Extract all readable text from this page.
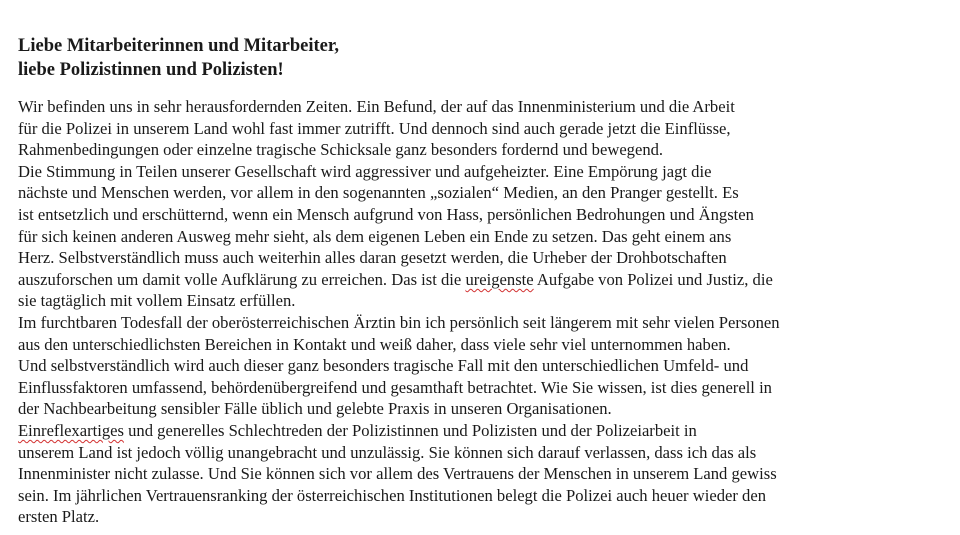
Liebe Mitarbeiterinnen und Mitarbeiter,
liebe Polizistinnen und Polizisten!
Wir befinden uns in sehr herausfordernden Zeiten. Ein Befund, der auf das Innenministerium und die Arbeit
für die Polizei in unserem Land wohl fast immer zutrifft. Und dennoch sind auch gerade jetzt die Einflüsse,
Rahmenbedingungen oder einzelne tragische Schicksale ganz besonders fordernd und bewegend.
Die Stimmung in Teilen unserer Gesellschaft wird aggressiver und aufgeheizter. Eine Empörung jagt die
nächste und Menschen werden, vor allem in den sogenannten „sozialen“ Medien, an den Pranger gestellt. Es
ist entsetzlich und erschütternd, wenn ein Mensch aufgrund von Hass, persönlichen Bedrohungen und Ängsten
für sich keinen anderen Ausweg mehr sieht, als dem eigenen Leben ein Ende zu setzen. Das geht einem ans
Herz. Selbstverständlich muss auch weiterhin alles daran gesetzt werden, die Urheber der Drohbotschaften
auszuforschen um damit volle Aufklärung zu erreichen. Das ist die ureigenste Aufgabe von Polizei und Justiz, die
sie tagtäglich mit vollem Einsatz erfüllen.
Im furchtbaren Todesfall der oberösterreichischen Ärztin bin ich persönlich seit längerem mit sehr vielen Personen
aus den unterschiedlichsten Bereichen in Kontakt und weiß daher, dass viele sehr viel unternommen haben.
Und selbstverständlich wird auch dieser ganz besonders tragische Fall mit den unterschiedlichen Umfeld- und
Einflussfaktoren umfassend, behördenübergreifend und gesamthaft betrachtet. Wie Sie wissen, ist dies generell in
der Nachbearbeitung sensibler Fälle üblich und gelebte Praxis in unseren Organisationen.
Einreflexartiges und generelles Schlechtreden der Polizistinnen und Polizisten und der Polizeiarbeit in
unserem Land ist jedoch völlig unangebracht und unzulässig. Sie können sich darauf verlassen, dass ich das als
Innenminister nicht zulasse. Und Sie können sich vor allem des Vertrauens der Menschen in unserem Land gewiss
sein. Im jährlichen Vertrauensranking der österreichischen Institutionen belegt die Polizei auch heuer wieder den
ersten Platz.
